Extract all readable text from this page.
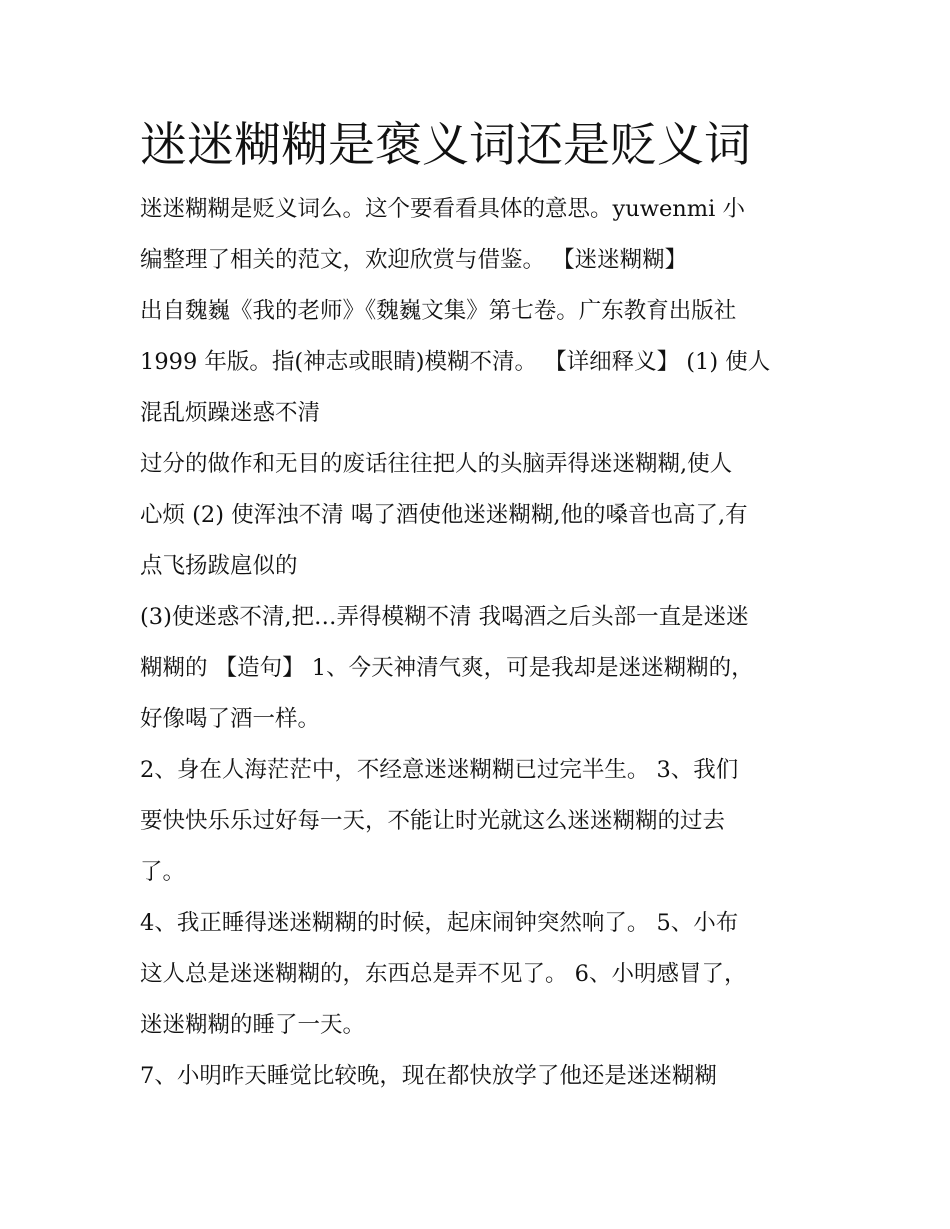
迷迷糊糊是褒义词还是贬义词
迷迷糊糊是贬义词么。这个要看看具体的意思。yuwenmi 小
编整理了相关的范文，欢迎欣赏与借鉴。 【迷迷糊糊】
出自魏巍《我的老师》《魏巍文集》第七卷。广东教育出版社
1999 年版。指(神志或眼睛)模糊不清。 【详细释义】 (1) 使人
混乱烦躁迷惑不清
过分的做作和无目的废话往往把人的头脑弄得迷迷糊糊,使人
心烦 (2) 使浑浊不清 喝了酒使他迷迷糊糊,他的嗓音也高了,有
点飞扬跋扈似的
(3)使迷惑不清,把…弄得模糊不清 我喝酒之后头部一直是迷迷
糊糊的 【造句】 1、今天神清气爽，可是我却是迷迷糊糊的，
好像喝了酒一样。
2、身在人海茫茫中，不经意迷迷糊糊已过完半生。 3、我们
要快快乐乐过好每一天，不能让时光就这么迷迷糊糊的过去
了。
4、我正睡得迷迷糊糊的时候，起床闹钟突然响了。 5、小布
这人总是迷迷糊糊的，东西总是弄不见了。 6、小明感冒了，
迷迷糊糊的睡了一天。
7、小明昨天睡觉比较晚，现在都快放学了他还是迷迷糊糊
